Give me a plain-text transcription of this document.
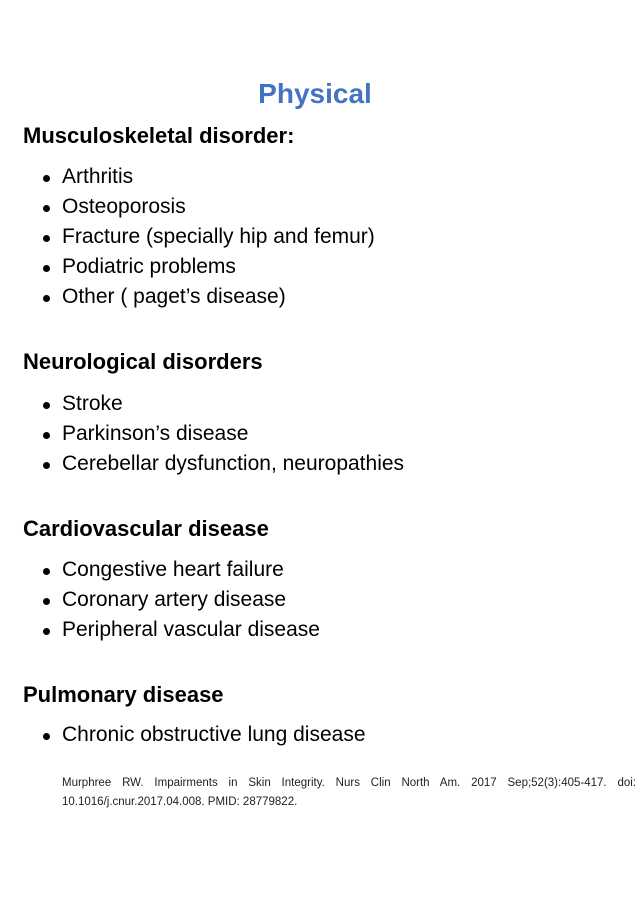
Physical
Musculoskeletal disorder:
Arthritis
Osteoporosis
Fracture (specially hip and femur)
Podiatric problems
Other ( paget’s disease)
Neurological disorders
Stroke
Parkinson’s disease
Cerebellar dysfunction, neuropathies
Cardiovascular disease
Congestive heart failure
Coronary artery disease
Peripheral vascular disease
Pulmonary disease
Chronic obstructive lung disease

Murphree RW. Impairments in Skin Integrity. Nurs Clin North Am. 2017 Sep;52(3):405-417. doi: 10.1016/j.cnur.2017.04.008. PMID: 28779822.
